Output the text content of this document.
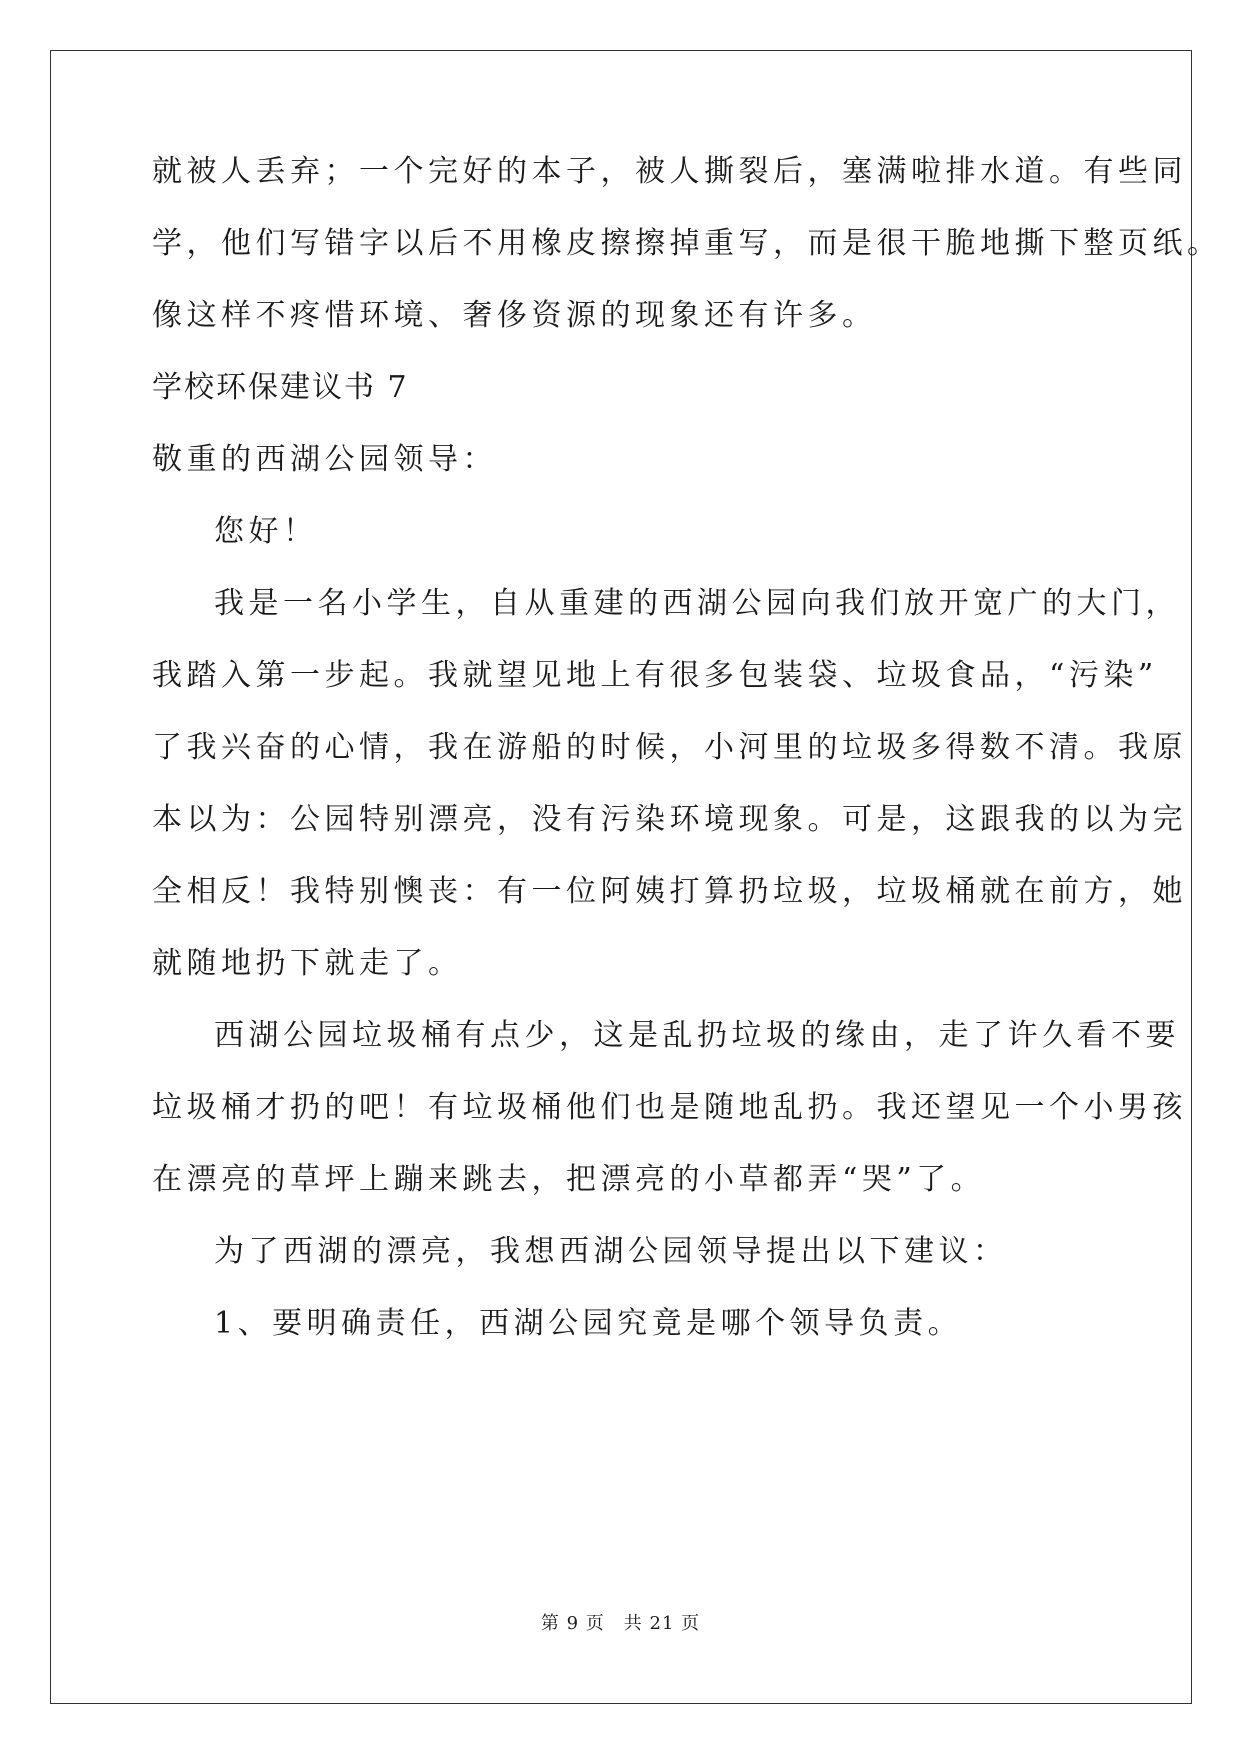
就被人丢弃；一个完好的本子，被人撕裂后，塞满啦排水道。有些同
学，他们写错字以后不用橡皮擦擦掉重写，而是很干脆地撕下整页纸。
像这样不疼惜环境、奢侈资源的现象还有许多。
学校环保建议书 7
敬重的西湖公园领导：
您好！
我是一名小学生，自从重建的西湖公园向我们放开宽广的大门，
我踏入第一步起。我就望见地上有很多包装袋、垃圾食品，“污染”
了我兴奋的心情，我在游船的时候，小河里的垃圾多得数不清。我原
本以为：公园特别漂亮，没有污染环境现象。可是，这跟我的以为完
全相反！我特别懊丧：有一位阿姨打算扔垃圾，垃圾桶就在前方，她
就随地扔下就走了。
西湖公园垃圾桶有点少，这是乱扔垃圾的缘由，走了许久看不要
垃圾桶才扔的吧！有垃圾桶他们也是随地乱扔。我还望见一个小男孩
在漂亮的草坪上蹦来跳去，把漂亮的小草都弄“哭”了。
为了西湖的漂亮，我想西湖公园领导提出以下建议：
1、要明确责任，西湖公园究竟是哪个领导负责。
第 9 页　共 21 页
